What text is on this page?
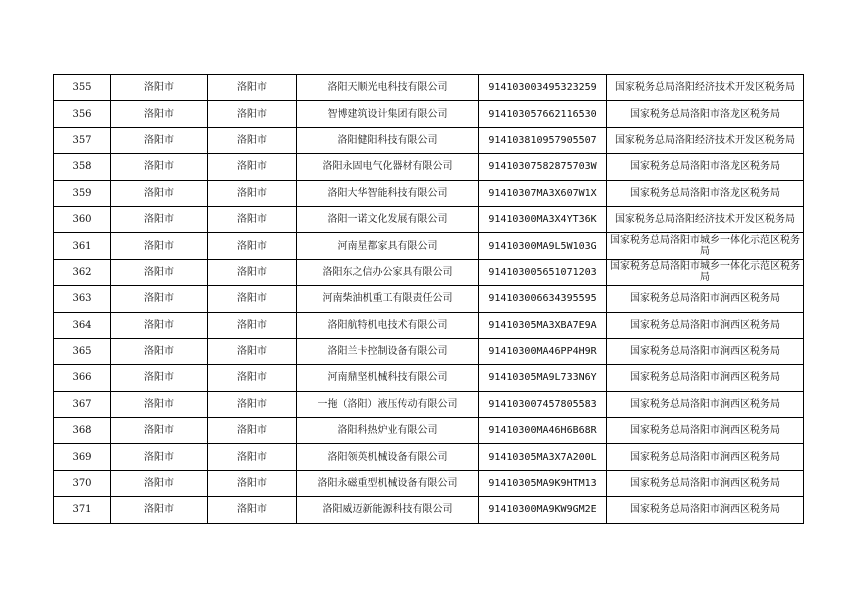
355	洛阳市	洛阳市	洛阳天顺光电科技有限公司	914103003495323259	国家税务总局洛阳经济技术开发区税务局
356	洛阳市	洛阳市	智博建筑设计集团有限公司	914103057662116530	国家税务总局洛阳市洛龙区税务局
357	洛阳市	洛阳市	洛阳健阳科技有限公司	914103810957905507	国家税务总局洛阳经济技术开发区税务局
358	洛阳市	洛阳市	洛阳永固电气化器材有限公司	91410307582875703W	国家税务总局洛阳市洛龙区税务局
359	洛阳市	洛阳市	洛阳大华智能科技有限公司	91410307MA3X607W1X	国家税务总局洛阳市洛龙区税务局
360	洛阳市	洛阳市	洛阳一诺文化发展有限公司	91410300MA3X4YT36K	国家税务总局洛阳经济技术开发区税务局
361	洛阳市	洛阳市	河南星都家具有限公司	91410300MA9L5W103G	国家税务总局洛阳市城乡一体化示范区税务局
362	洛阳市	洛阳市	洛阳东之信办公家具有限公司	914103005651071203	国家税务总局洛阳市城乡一体化示范区税务局
363	洛阳市	洛阳市	河南柴油机重工有限责任公司	914103006634395595	国家税务总局洛阳市涧西区税务局
364	洛阳市	洛阳市	洛阳航特机电技术有限公司	91410305MA3XBA7E9A	国家税务总局洛阳市涧西区税务局
365	洛阳市	洛阳市	洛阳兰卡控制设备有限公司	91410300MA46PP4H9R	国家税务总局洛阳市涧西区税务局
366	洛阳市	洛阳市	河南鼎坚机械科技有限公司	91410305MA9L733N6Y	国家税务总局洛阳市涧西区税务局
367	洛阳市	洛阳市	一拖（洛阳）液压传动有限公司	914103007457805583	国家税务总局洛阳市涧西区税务局
368	洛阳市	洛阳市	洛阳科热炉业有限公司	91410300MA46H6B68R	国家税务总局洛阳市涧西区税务局
369	洛阳市	洛阳市	洛阳领英机械设备有限公司	91410305MA3X7A200L	国家税务总局洛阳市涧西区税务局
370	洛阳市	洛阳市	洛阳永磁重型机械设备有限公司	91410305MA9K9HTM13	国家税务总局洛阳市涧西区税务局
371	洛阳市	洛阳市	洛阳威迈新能源科技有限公司	91410300MA9KW9GM2E	国家税务总局洛阳市涧西区税务局
